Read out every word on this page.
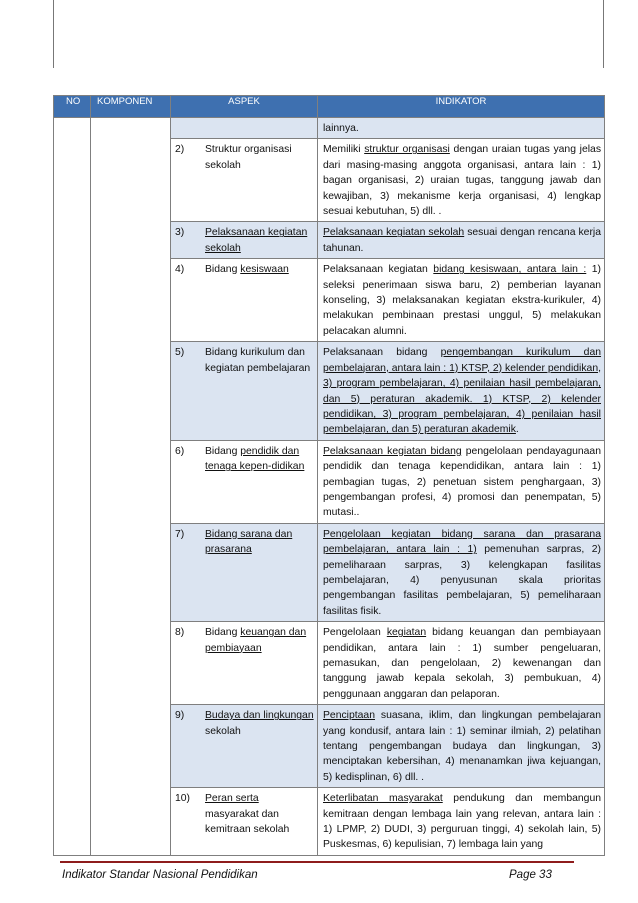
NO	KOMPONEN	ASPEK	INDIKATOR

			lainnya.

		2) Struktur organisasi sekolah	Memiliki struktur organisasi dengan uraian tugas yang jelas dari masing-masing anggota organisasi, antara lain : 1) bagan organisasi, 2) uraian tugas, tanggung jawab dan kewajiban, 3) mekanisme kerja organisasi, 4) lengkap sesuai kebutuhan, 5) dll. .

		3) Pelaksanaan kegiatan sekolah	Pelaksanaan kegiatan sekolah sesuai dengan rencana kerja tahunan.

		4) Bidang kesiswaan	Pelaksanaan kegiatan bidang kesiswaan, antara lain : 1) seleksi penerimaan siswa baru, 2) pemberian layanan konseling, 3) melaksanakan kegiatan ekstra-kurikuler, 4) melakukan pembinaan prestasi unggul, 5) melakukan pelacakan alumni.

		5) Bidang kurikulum dan kegiatan pembelajaran	Pelaksanaan bidang pengembangan kurikulum dan pembelajaran, antara lain : 1) KTSP, 2) kelender pendidikan, 3) program pembelajaran, 4) penilaian hasil pembelajaran, dan 5) peraturan akademik. 1) KTSP, 2) kelender pendidikan, 3) program pembelajaran, 4) penilaian hasil pembelajaran, dan 5) peraturan akademik.

		6) Bidang pendidik dan tenaga kepen-didikan	Pelaksanaan kegiatan bidang pengelolaan pendayagunaan pendidik dan tenaga kependidikan, antara lain : 1) pembagian tugas, 2) penetuan sistem penghargaan, 3) pengembangan profesi, 4) promosi dan penempatan, 5) mutasi..

		7) Bidang sarana dan prasarana	Pengelolaan kegiatan bidang sarana dan prasarana pembelajaran, antara lain : 1) pemenuhan sarpras, 2) pemeliharaan sarpras, 3) kelengkapan fasilitas pembelajaran, 4) penyusunan skala prioritas pengembangan fasilitas pembelajaran, 5) pemeliharaan fasilitas fisik.

		8) Bidang keuangan dan pembiayaan	Pengelolaan kegiatan bidang keuangan dan pembiayaan pendidikan, antara lain : 1) sumber pengeluaran, pemasukan, dan pengelolaan, 2) kewenangan dan tanggung jawab kepala sekolah, 3) pembukuan, 4) penggunaan anggaran dan pelaporan.

		9) Budaya dan lingkungan sekolah	Penciptaan suasana, iklim, dan lingkungan pembelajaran yang kondusif, antara lain : 1) seminar ilmiah, 2) pelatihan tentang pengembangan budaya dan lingkungan, 3) menciptakan kebersihan, 4) menanamkan jiwa kejuangan, 5) kedisplinan, 6) dll. .

		10) Peran serta masyarakat dan kemitraan sekolah	Keterlibatan masyarakat pendukung dan membangun kemitraan dengan lembaga lain yang relevan, antara lain : 1) LPMP, 2) DUDI, 3) perguruan tinggi, 4) sekolah lain, 5) Puskesmas, 6) kepulisian, 7) lembaga lain yang
Indikator Standar Nasional Pendidikan	Page 33
